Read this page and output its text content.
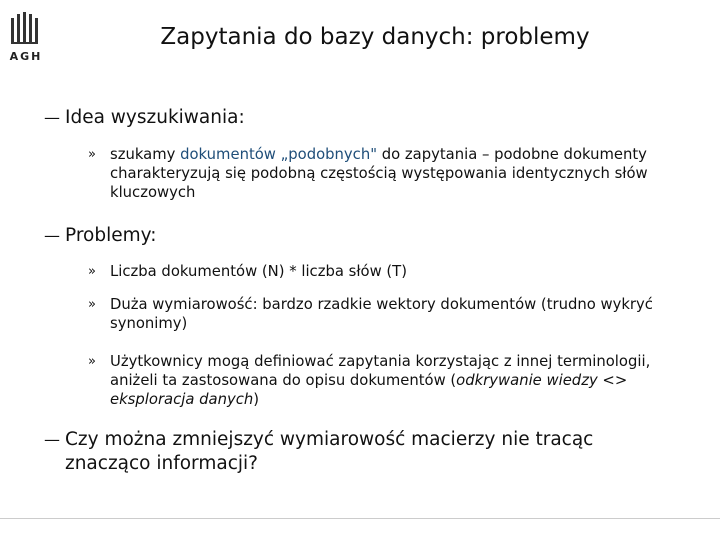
AGH
Zapytania do bazy danych: problemy
— Idea wyszukiwania:
» szukamy dokumentów „podobnych" do zapytania – podobne dokumenty charakteryzują się podobną częstością występowania identycznych słów kluczowych
— Problemy:
» Liczba dokumentów (N) * liczba słów (T)
» Duża wymiarowość: bardzo rzadkie wektory dokumentów (trudno wykryć synonimy)
» Użytkownicy mogą definiować zapytania korzystając z innej terminologii, aniżeli ta zastosowana do opisu dokumentów (odkrywanie wiedzy <> eksploracja danych)
— Czy można zmniejszyć wymiarowość macierzy nie tracąc znacząco informacji?
